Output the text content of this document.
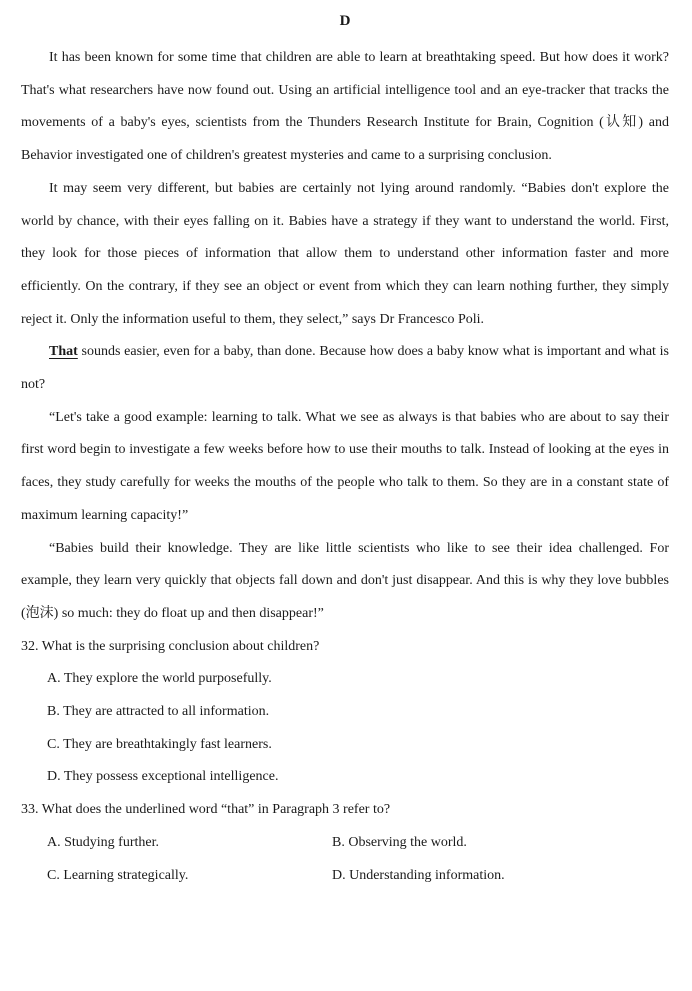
D

It has been known for some time that children are able to learn at breathtaking speed. But how does it work? That's what researchers have now found out. Using an artificial intelligence tool and an eye-tracker that tracks the movements of a baby's eyes, scientists from the Thunders Research Institute for Brain, Cognition (认知) and Behavior investigated one of children's greatest mysteries and came to a surprising conclusion.

It may seem very different, but babies are certainly not lying around randomly. “Babies don't explore the world by chance, with their eyes falling on it. Babies have a strategy if they want to understand the world. First, they look for those pieces of information that allow them to understand other information faster and more efficiently. On the contrary, if they see an object or event from which they can learn nothing further, they simply reject it. Only the information useful to them, they select,” says Dr Francesco Poli.

That sounds easier, even for a baby, than done. Because how does a baby know what is important and what is not?

“Let's take a good example: learning to talk. What we see as always is that babies who are about to say their first word begin to investigate a few weeks before how to use their mouths to talk. Instead of looking at the eyes in faces, they study carefully for weeks the mouths of the people who talk to them. So they are in a constant state of maximum learning capacity!”

“Babies build their knowledge. They are like little scientists who like to see their idea challenged. For example, they learn very quickly that objects fall down and don't just disappear. And this is why they love bubbles (泡沫) so much: they do float up and then disappear!”

32. What is the surprising conclusion about children?
A. They explore the world purposefully.
B. They are attracted to all information.
C. They are breathtakingly fast learners.
D. They possess exceptional intelligence.
33. What does the underlined word “that” in Paragraph 3 refer to?
A. Studying further.	B. Observing the world.
C. Learning strategically.	D. Understanding information.
